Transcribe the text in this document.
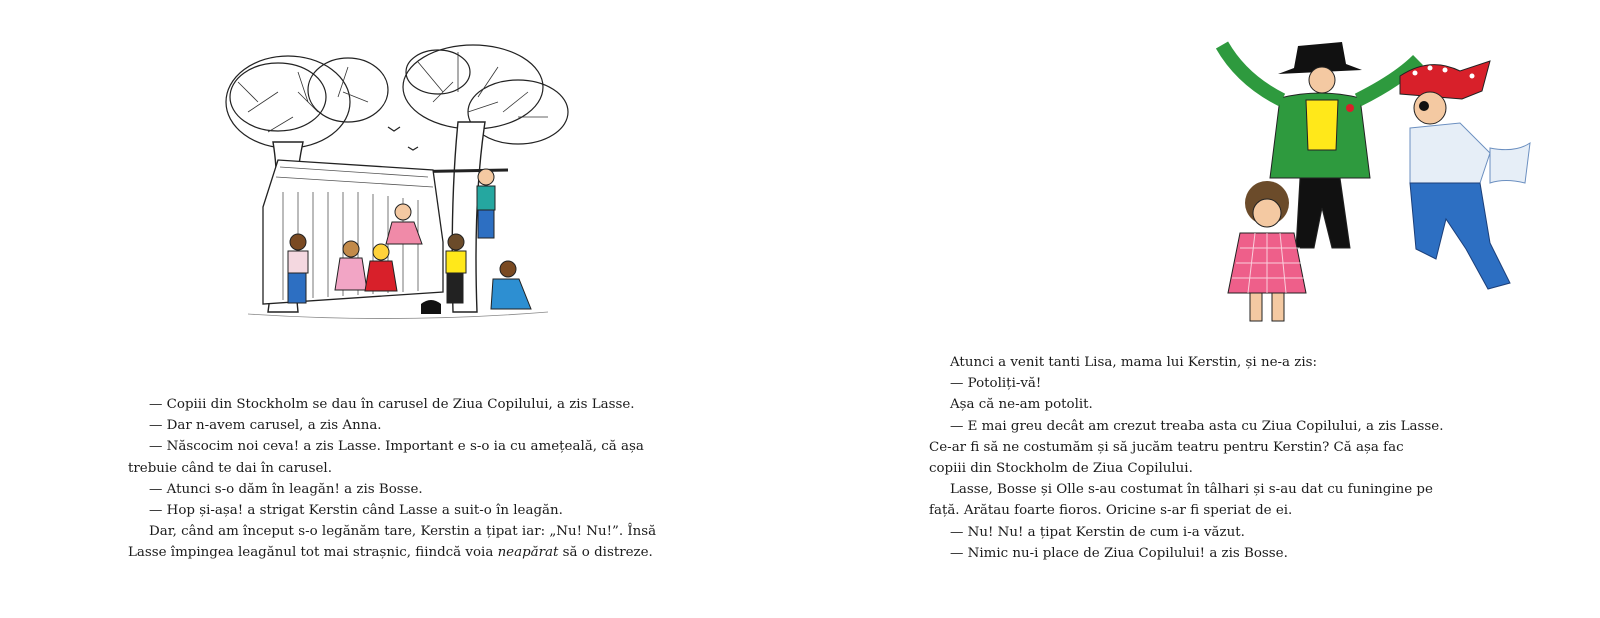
— Copiii din Stockholm se dau în carusel de Ziua Copilului, a zis Lasse.

— Dar n-avem carusel, a zis Anna.

— Născocim noi ceva! a zis Lasse. Important e s-o ia cu amețeală, că așa trebuie când te dai în carusel.

— Atunci s-o dăm în leagăn! a zis Bosse.

— Hop și-așa! a strigat Kerstin când Lasse a suit-o în leagăn.

Dar, când am început s-o legănăm tare, Kerstin a țipat iar: „Nu! Nu!”. Însă Lasse împingea leagănul tot mai strașnic, fiindcă voia neapărat să o distreze.

Atunci a venit tanti Lisa, mama lui Kerstin, și ne-a zis:

— Potoliți-vă!

Așa că ne-am potolit.

— E mai greu decât am crezut treaba asta cu Ziua Copilului, a zis Lasse. Ce-ar fi să ne costumăm și să jucăm teatru pentru Kerstin? Că așa fac copiii din Stockholm de Ziua Copilului.

Lasse, Bosse și Olle s-au costumat în tâlhari și s-au dat cu funingine pe față. Arătau foarte fioros. Oricine s-ar fi speriat de ei.

— Nu! Nu! a țipat Kerstin de cum i-a văzut.

— Nimic nu-i place de Ziua Copilului! a zis Bosse.
